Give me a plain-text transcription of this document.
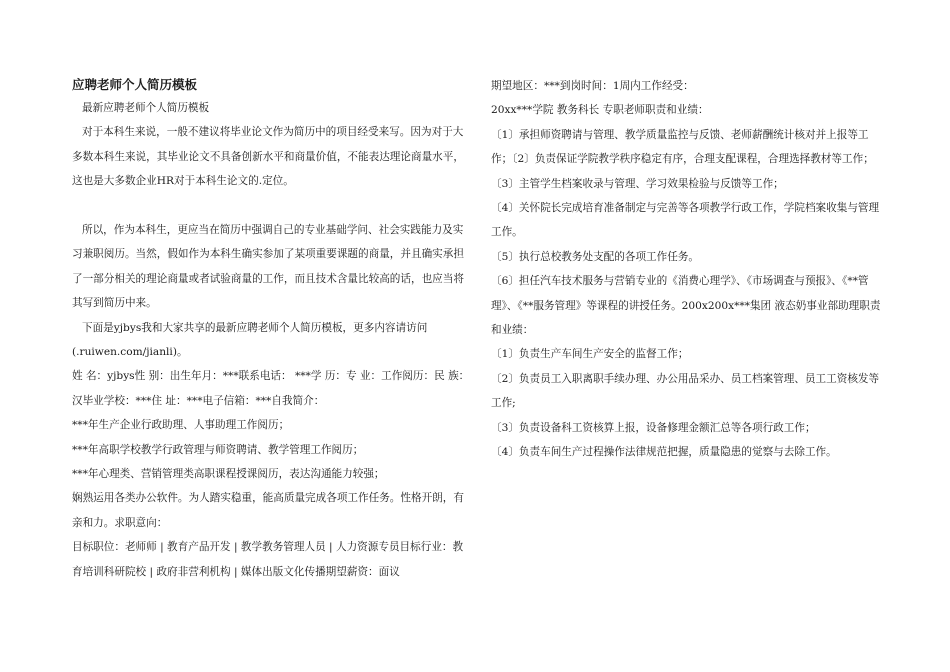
应聘老师个人简历模板

最新应聘老师个人简历模板

对于本科生来说，一般不建议将毕业论文作为简历中的项目经受来写。因为对于大多数本科生来说，其毕业论文不具备创新水平和商量价值，不能表达理论商量水平，这也是大多数企业HR对于本科生论文的.定位。

所以，作为本科生，更应当在简历中强调自己的专业基础学问、社会实践能力及实习兼职阅历。当然，假如作为本科生确实参加了某项重要课题的商量，并且确实承担了一部分相关的理论商量或者试验商量的工作，而且技术含量比较高的话，也应当将其写到简历中来。

下面是yjbys我和大家共享的最新应聘老师个人简历模板，更多内容请访问(.ruiwen.com/jianli)。

姓 名：yjbys性 别：出生年月：***联系电话： ***学 历：专 业：工作阅历：民 族：汉毕业学校：***住 址：***电子信箱：***自我简介：

***年生产企业行政助理、人事助理工作阅历；

***年高职学校教学行政管理与师资聘请、教学管理工作阅历；

***年心理类、营销管理类高职课程授课阅历，表达沟通能力较强；

娴熟运用各类办公软件。为人踏实稳重，能高质量完成各项工作任务。性格开朗，有亲和力。求职意向：

目标职位：老师师 | 教育产品开发 | 教学教务管理人员 | 人力资源专员目标行业：教育培训科研院校 | 政府非营利机构 | 媒体出版文化传播期望薪资：面议

期望地区：***到岗时间：1周内工作经受：

20xx***学院 教务科长 专职老师职责和业绩：

〔1〕承担师资聘请与管理、教学质量监控与反馈、老师薪酬统计核对并上报等工作；〔2〕负责保证学院教学秩序稳定有序，合理支配课程，合理选择教材等工作；

〔3〕主管学生档案收录与管理、学习效果检验与反馈等工作；

〔4〕关怀院长完成培育准备制定与完善等各项教学行政工作，学院档案收集与管理工作。

〔5〕执行总校教务处支配的各项工作任务。

〔6〕担任汽车技术服务与营销专业的《消费心理学》、《市场调查与预报》、《**管理》、《**服务管理》等课程的讲授任务。200x200x***集团 液态奶事业部助理职责和业绩：

〔1〕负责生产车间生产安全的监督工作；

〔2〕负责员工入职离职手续办理、办公用品采办、员工档案管理、员工工资核发等工作;

〔3〕负责设备科工资核算上报，设备修理金额汇总等各项行政工作；

〔4〕负责车间生产过程操作法律规范把握，质量隐患的觉察与去除工作。
